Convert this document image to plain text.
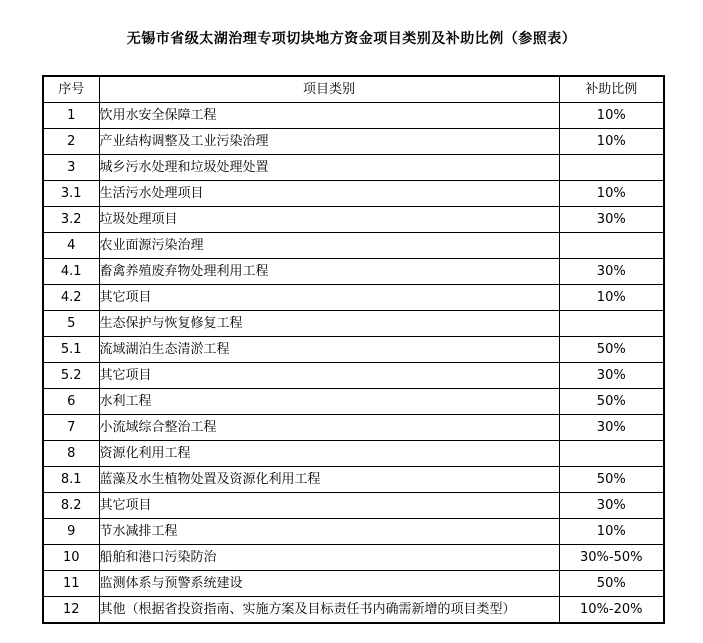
无锡市省级太湖治理专项切块地方资金项目类别及补助比例（参照表）
序号	项目类别	补助比例
1	饮用水安全保障工程	10%
2	产业结构调整及工业污染治理	10%
3	城乡污水处理和垃圾处理处置	
3.1	生活污水处理项目	10%
3.2	垃圾处理项目	30%
4	农业面源污染治理	
4.1	畜禽养殖废弃物处理利用工程	30%
4.2	其它项目	10%
5	生态保护与恢复修复工程	
5.1	流域湖泊生态清淤工程	50%
5.2	其它项目	30%
6	水利工程	50%
7	小流域综合整治工程	30%
8	资源化利用工程	
8.1	蓝藻及水生植物处置及资源化利用工程	50%
8.2	其它项目	30%
9	节水减排工程	10%
10	船舶和港口污染防治	30%-50%
11	监测体系与预警系统建设	50%
12	其他（根据省投资指南、实施方案及目标责任书内确需新增的项目类型）	10%-20%
